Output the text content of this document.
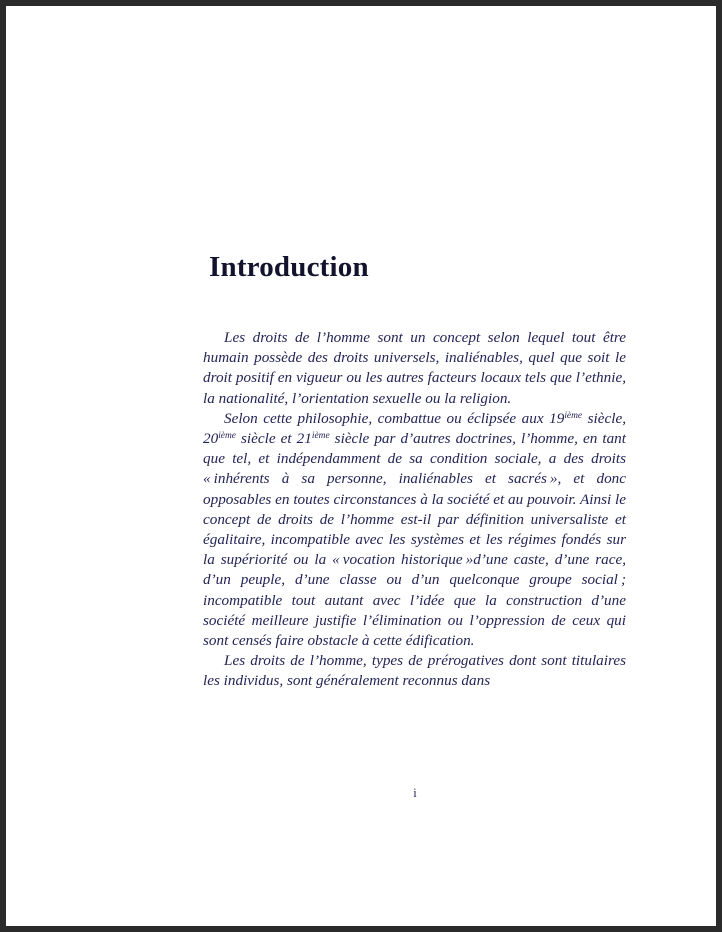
Introduction

Les droits de l’homme sont un concept selon lequel tout être humain possède des droits universels, inaliénables, quel que soit le droit positif en vigueur ou les autres facteurs locaux tels que l’ethnie, la nationalité, l’orientation sexuelle ou la religion.

Selon cette philosophie, combattue ou éclipsée aux 19ième siècle, 20ième siècle et 21ième siècle par d’autres doctrines, l’homme, en tant que tel, et indépendamment de sa condition sociale, a des droits « inhérents à sa personne, inaliénables et sacrés », et donc opposables en toutes circonstances à la société et au pouvoir. Ainsi le concept de droits de l’homme est-il par définition universaliste et égalitaire, incompatible avec les systèmes et les régimes fondés sur la supériorité ou la « vocation historique »d’une caste, d’une race, d’un peuple, d’une classe ou d’un quelconque groupe social ; incompatible tout autant avec l’idée que la construction d’une société meilleure justifie l’élimination ou l’oppression de ceux qui sont censés faire obstacle à cette édification.

Les droits de l’homme, types de prérogatives dont sont titulaires les individus, sont généralement reconnus dans

i
